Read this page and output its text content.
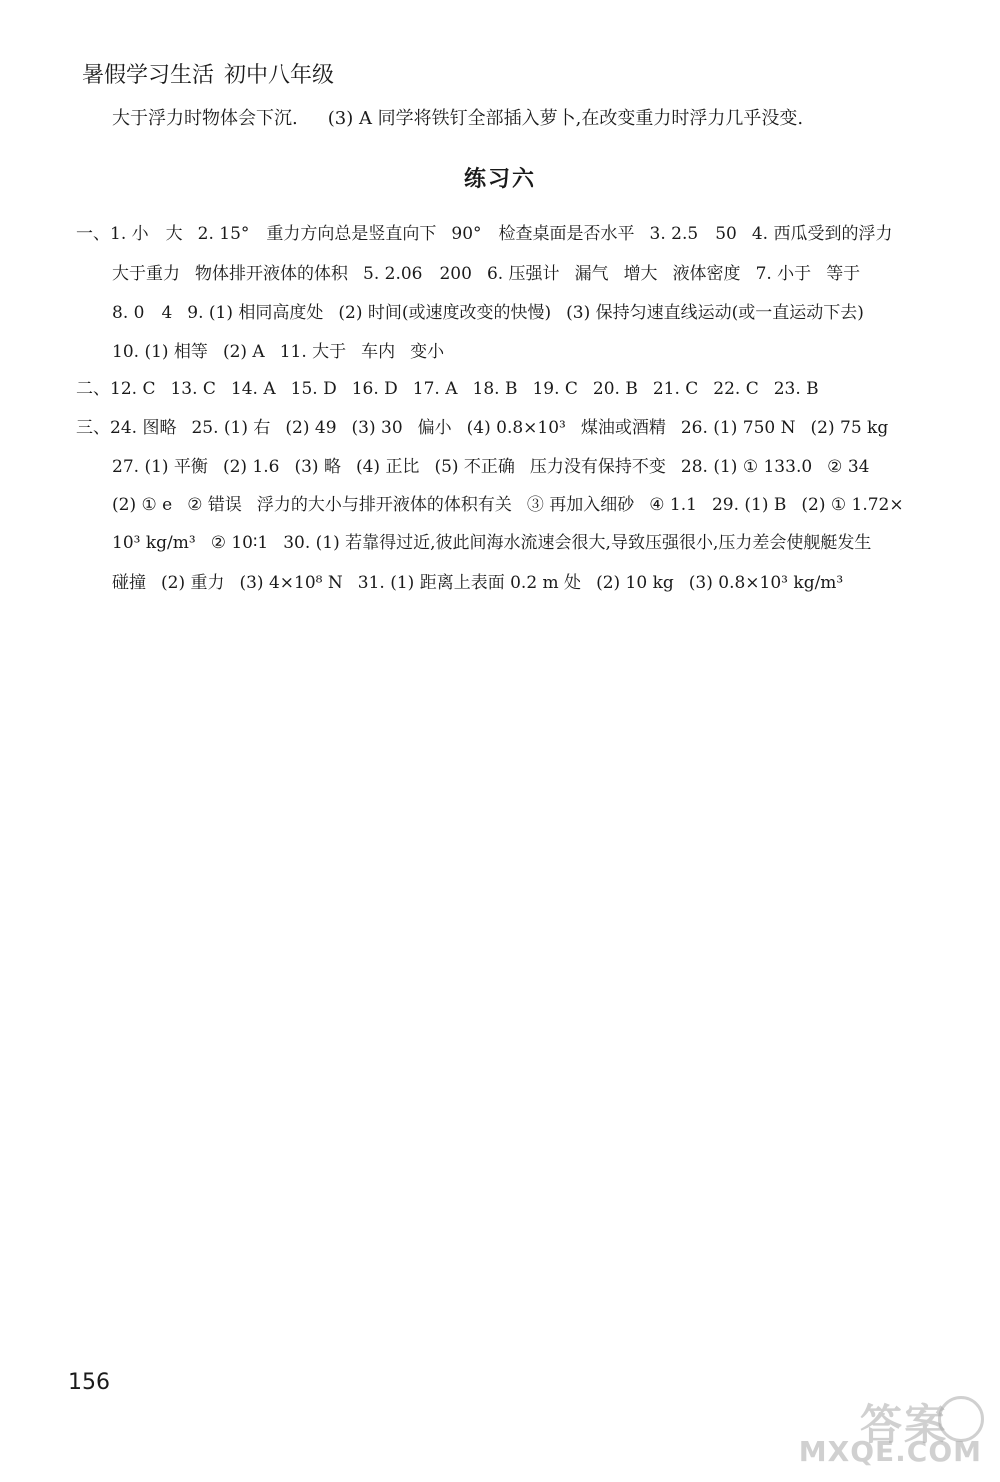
暑假学习生活 初中八年级
大于浮力时物体会下沉. (3) A 同学将铁钉全部插入萝卜,在改变重力时浮力几乎没变.
练习六
一、1. 小　大 2. 15°　重力方向总是竖直向下 90°　检查桌面是否水平 3. 2.5　50 4. 西瓜受到的浮力
大于重力 物体排开液体的体积 5. 2.06　200 6. 压强计 漏气 增大 液体密度 7. 小于 等于
8. 0　4 9. (1) 相同高度处 (2) 时间(或速度改变的快慢) (3) 保持匀速直线运动(或一直运动下去)
10. (1) 相等 (2) A 11. 大于 车内 变小
二、12. C 13. C 14. A 15. D 16. D 17. A 18. B 19. C 20. B 21. C 22. C 23. B
三、24. 图略 25. (1) 右 (2) 49 (3) 30 偏小 (4) 0.8×10³ 煤油或酒精 26. (1) 750 N (2) 75 kg
27. (1) 平衡 (2) 1.6 (3) 略 (4) 正比 (5) 不正确 压力没有保持不变 28. (1) ① 133.0 ② 34
(2) ① e ② 错误 浮力的大小与排开液体的体积有关 ③ 再加入细砂 ④ 1.1 29. (1) B (2) ① 1.72×
10³ kg/m³ ② 10∶1 30. (1) 若靠得过近,彼此间海水流速会很大,导致压强很小,压力差会使舰艇发生
碰撞 (2) 重力 (3) 4×10⁸ N 31. (1) 距离上表面 0.2 m 处 (2) 10 kg (3) 0.8×10³ kg/m³
156
答案
MXQE.COM
